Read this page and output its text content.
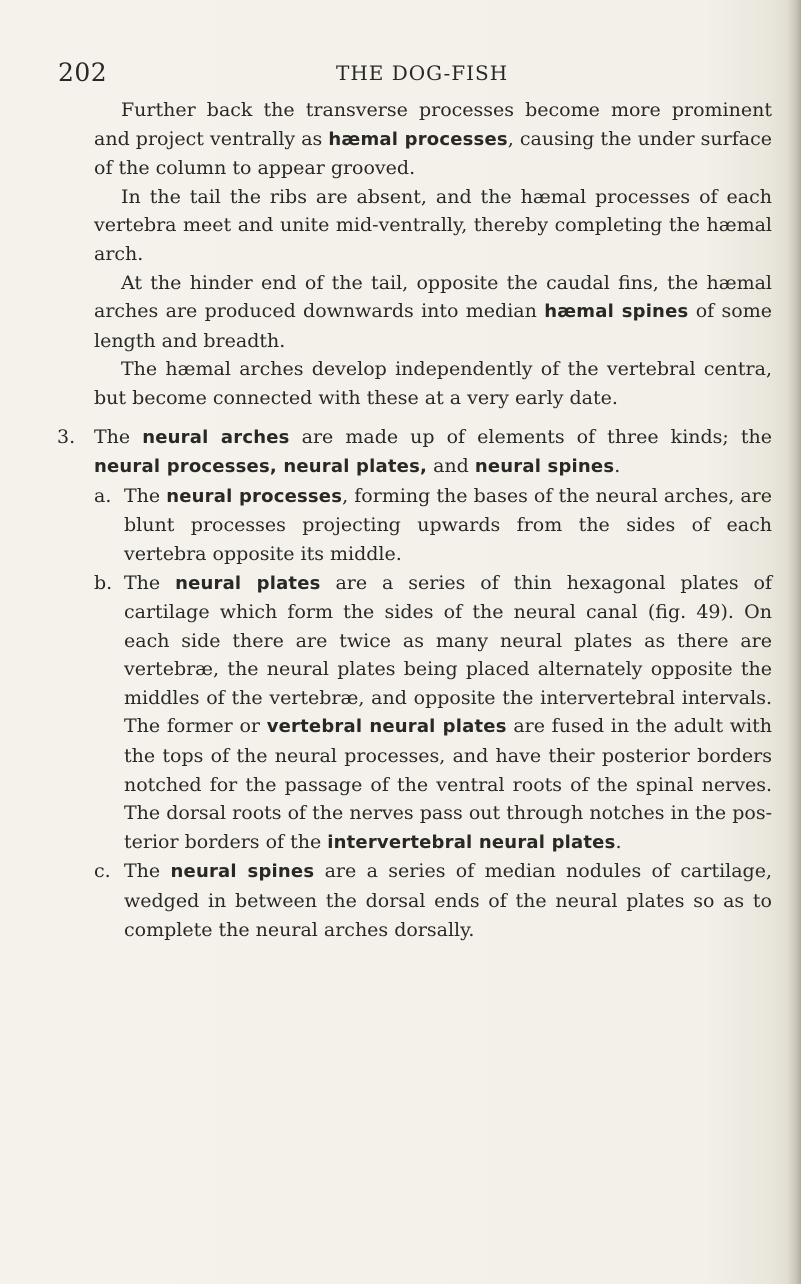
202	THE DOG-FISH

Further back the transverse processes become more prominent and project ventrally as hæmal processes, causing the under surface of the column to appear grooved.

In the tail the ribs are absent, and the hæmal processes of each vertebra meet and unite mid-ventrally, thereby completing the hæmal arch.

At the hinder end of the tail, opposite the caudal fins, the hæmal arches are produced downwards into median hæmal spines of some length and breadth.

The hæmal arches develop independently of the vertebral centra, but become connected with these at a very early date.

3. The neural arches are made up of elements of three kinds; the neural processes, neural plates, and neural spines.

a. The neural processes, forming the bases of the neural arches, are blunt processes projecting upwards from the sides of each vertebra opposite its middle.

b. The neural plates are a series of thin hexagonal plates of cartilage which form the sides of the neural canal (fig. 49). On each side there are twice as many neural plates as there are vertebræ, the neural plates being placed alternately opposite the middles of the vertebræ, and opposite the intervertebral intervals. The former or vertebral neural plates are fused in the adult with the tops of the neural processes, and have their posterior borders notched for the passage of the ventral roots of the spinal nerves. The dorsal roots of the nerves pass out through notches in the posterior borders of the intervertebral neural plates.

c. The neural spines are a series of median nodules of cartilage, wedged in between the dorsal ends of the neural plates so as to complete the neural arches dorsally.
